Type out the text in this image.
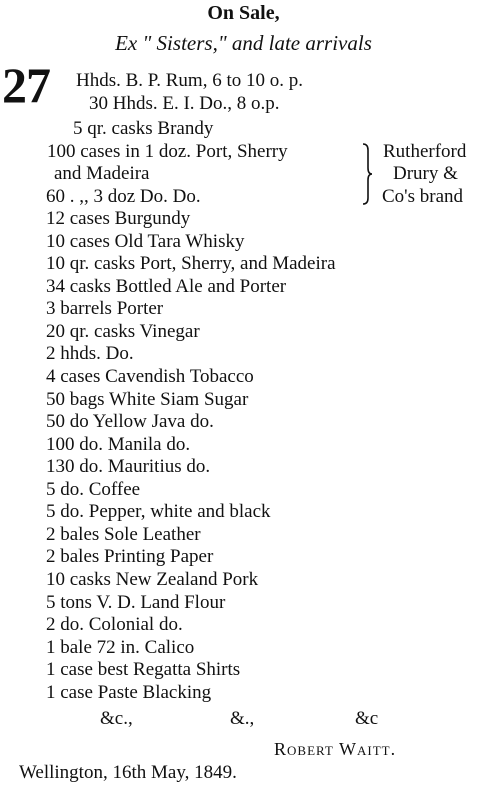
On Sale,
Ex " Sisters," and late arrivals
27 Hhds. B. P. Rum, 6 to 10 o. p.
30 Hhds. E. I. Do., 8 o.p.
5 qr. casks Brandy
100 cases in 1 doz. Port, Sherry
and Madeira
60 . ,, 3 doz Do. Do.
Rutherford
Drury &
Co's brand
12 cases Burgundy
10 cases Old Tara Whisky
10 qr. casks Port, Sherry, and Madeira
34 casks Bottled Ale and Porter
3 barrels Porter
20 qr. casks Vinegar
2 hhds. Do.
4 cases Cavendish Tobacco
50 bags White Siam Sugar
50 do Yellow Java do.
100 do. Manila do.
130 do. Mauritius do.
5 do. Coffee
5 do. Pepper, white and black
2 bales Sole Leather
2 bales Printing Paper
10 casks New Zealand Pork
5 tons V. D. Land Flour
2 do. Colonial do.
1 bale 72 in. Calico
1 case best Regatta Shirts
1 case Paste Blacking
&c.,	&.,	&c
Robert Waitt.
Wellington, 16th May, 1849.
